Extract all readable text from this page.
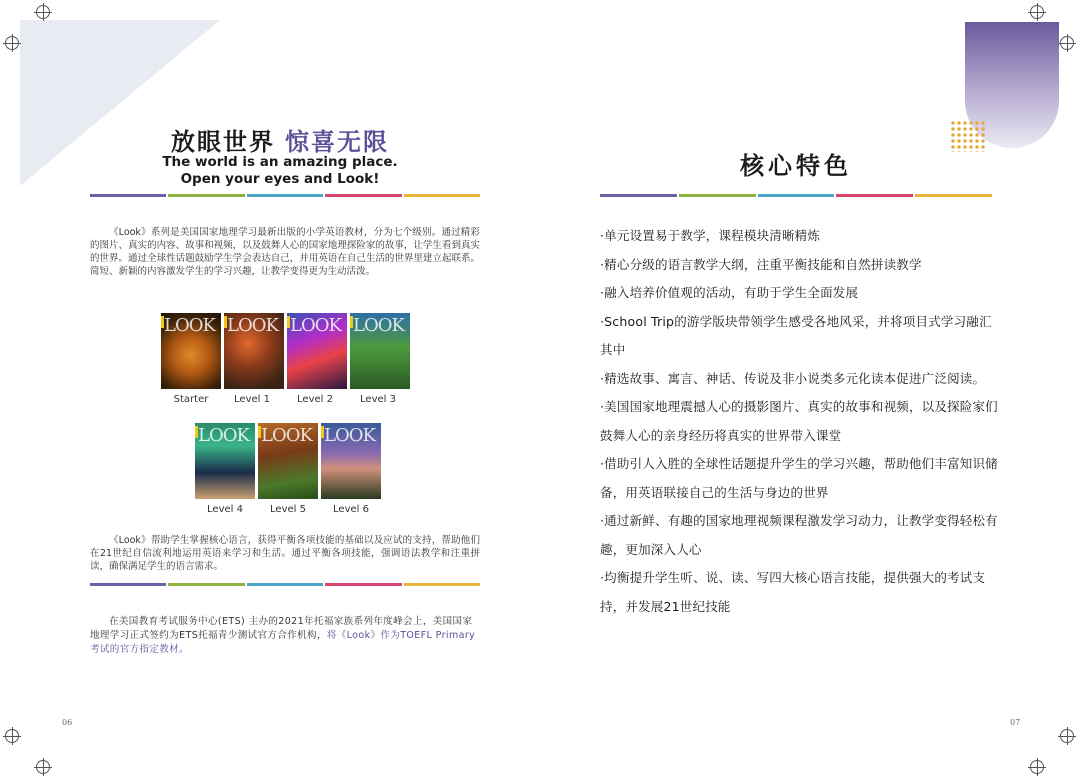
放眼世界 惊喜无限
The world is an amazing place.
Open your eyes and Look!
《Look》系列是美国国家地理学习最新出版的小学英语教材，分为七个级别。通过精彩的图片、真实的内容、故事和视频，以及鼓舞人心的国家地理探险家的故事，让学生看到真实的世界。通过全球性话题鼓励学生学会表达自己，并用英语在自己生活的世界里建立起联系。简短、新颖的内容激发学生的学习兴趣，让教学变得更为生动活泼。
LOOK LOOK LOOK LOOK
Starter	Level 1	Level 2	Level 3
LOOK LOOK LOOK
Level 4	Level 5	Level 6
《Look》帮助学生掌握核心语言，获得平衡各项技能的基础以及应试的支持，帮助他们在21世纪自信流利地运用英语来学习和生活。通过平衡各项技能，强调语法教学和注重拼读，确保满足学生的语言需求。
在美国教育考试服务中心(ETS) 主办的2021年托福家族系列年度峰会上，美国国家地理学习正式签约为ETS托福青少测试官方合作机构，将《Look》作为TOEFL Primary考试的官方指定教材。
06
核心特色
·单元设置易于教学，课程模块清晰精炼
·精心分级的语言教学大纲，注重平衡技能和自然拼读教学
·融入培养价值观的活动，有助于学生全面发展
·School Trip的游学版块带领学生感受各地风采，并将项目式学习融汇其中
·精选故事、寓言、神话、传说及非小说类多元化读本促进广泛阅读。
·美国国家地理震撼人心的摄影图片、真实的故事和视频，以及探险家们鼓舞人心的亲身经历将真实的世界带入课堂
·借助引人入胜的全球性话题提升学生的学习兴趣，帮助他们丰富知识储备，用英语联接自己的生活与身边的世界
·通过新鲜、有趣的国家地理视频课程激发学习动力，让教学变得轻松有趣，更加深入人心
·均衡提升学生听、说、读、写四大核心语言技能，提供强大的考试支持，并发展21世纪技能
07
